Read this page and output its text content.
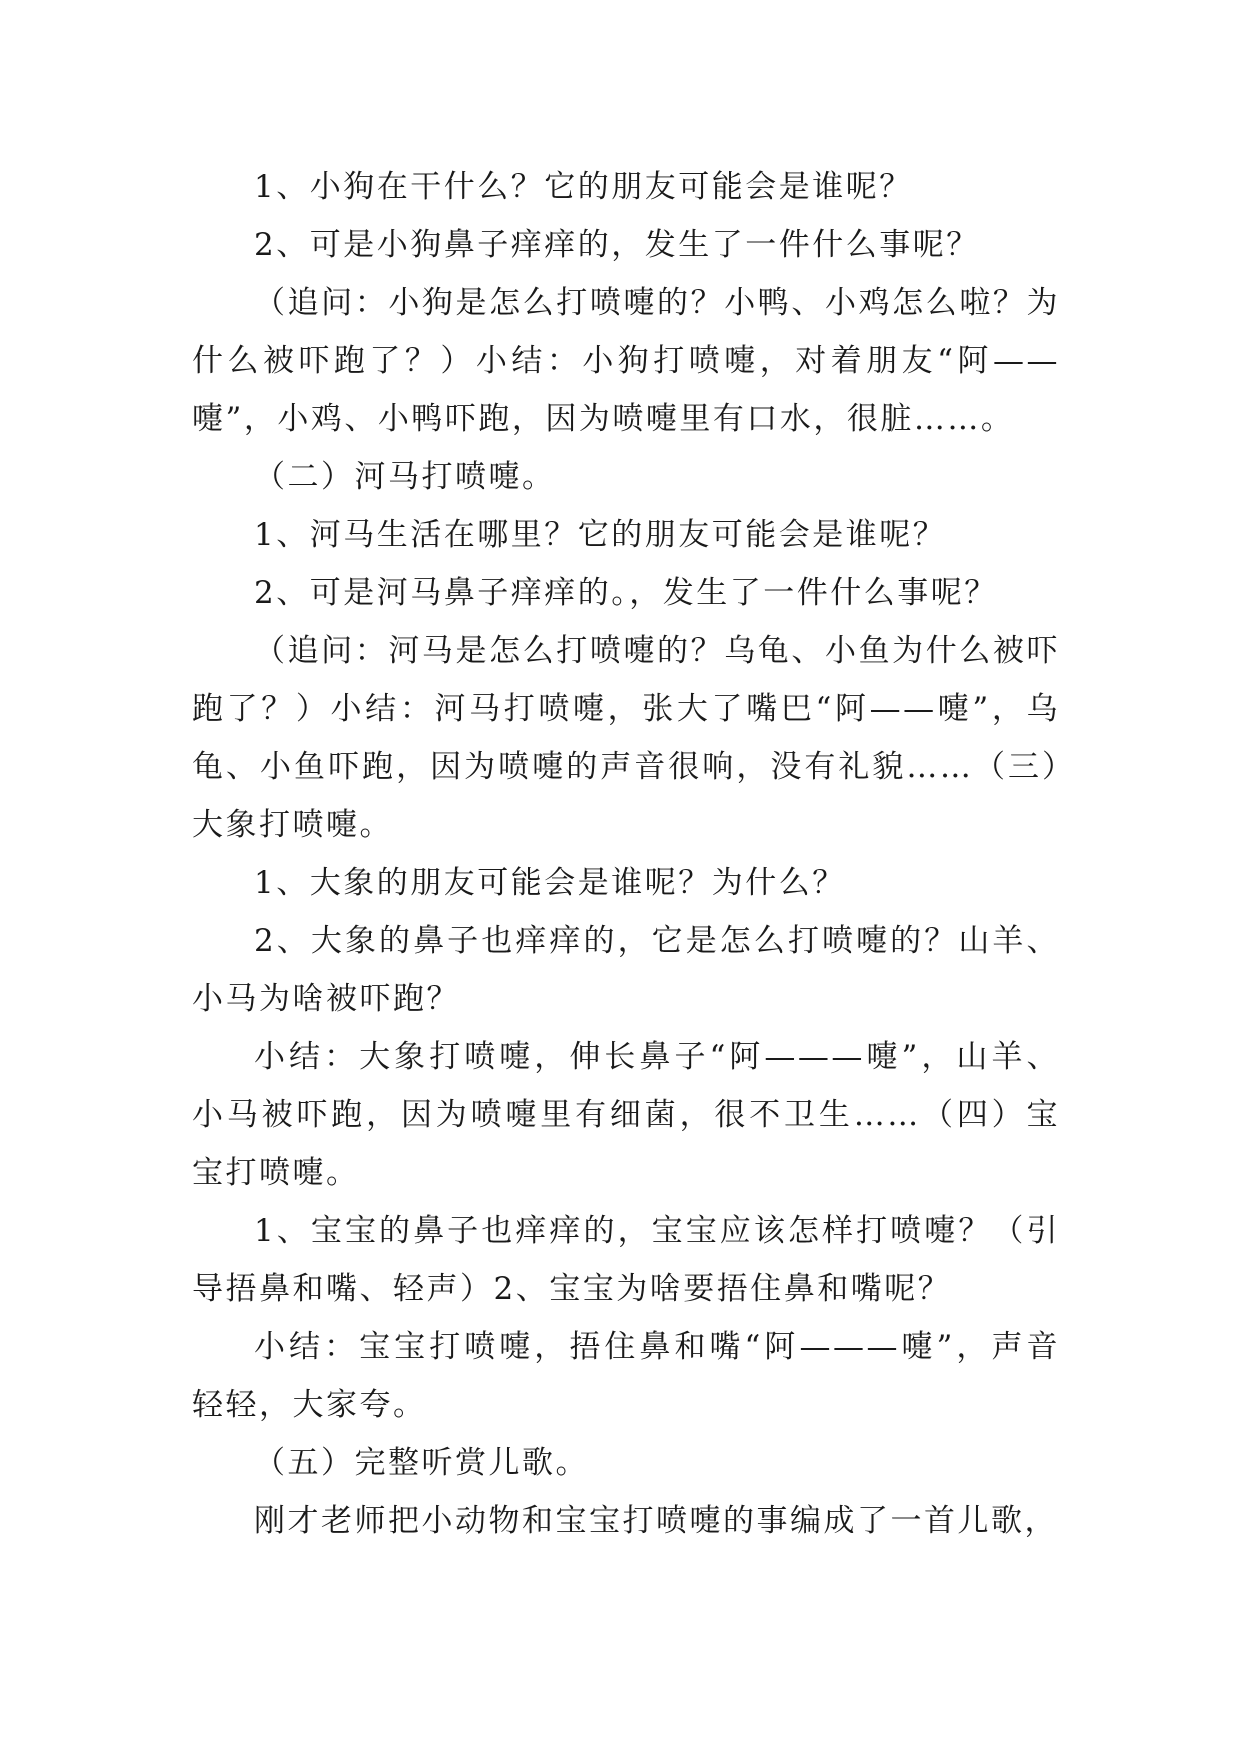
1、小狗在干什么？它的朋友可能会是谁呢？

2、可是小狗鼻子痒痒的，发生了一件什么事呢？

（追问：小狗是怎么打喷嚏的？小鸭、小鸡怎么啦？为什么被吓跑了？）小结：小狗打喷嚏，对着朋友“阿——嚏”，小鸡、小鸭吓跑，因为喷嚏里有口水，很脏……。

（二）河马打喷嚏。

1、河马生活在哪里？它的朋友可能会是谁呢？

2、可是河马鼻子痒痒的。，发生了一件什么事呢？

（追问：河马是怎么打喷嚏的？乌龟、小鱼为什么被吓跑了？）小结：河马打喷嚏，张大了嘴巴“阿——嚏”，乌龟、小鱼吓跑，因为喷嚏的声音很响，没有礼貌……（三）大象打喷嚏。

1、大象的朋友可能会是谁呢？为什么？

2、大象的鼻子也痒痒的，它是怎么打喷嚏的？山羊、小马为啥被吓跑？

小结：大象打喷嚏，伸长鼻子“阿———嚏”，山羊、小马被吓跑，因为喷嚏里有细菌，很不卫生……（四）宝宝打喷嚏。

1、宝宝的鼻子也痒痒的，宝宝应该怎样打喷嚏？（引导捂鼻和嘴、轻声）2、宝宝为啥要捂住鼻和嘴呢？

小结：宝宝打喷嚏，捂住鼻和嘴“阿———嚏”，声音轻轻，大家夸。

（五）完整听赏儿歌。

刚才老师把小动物和宝宝打喷嚏的事编成了一首儿歌，
